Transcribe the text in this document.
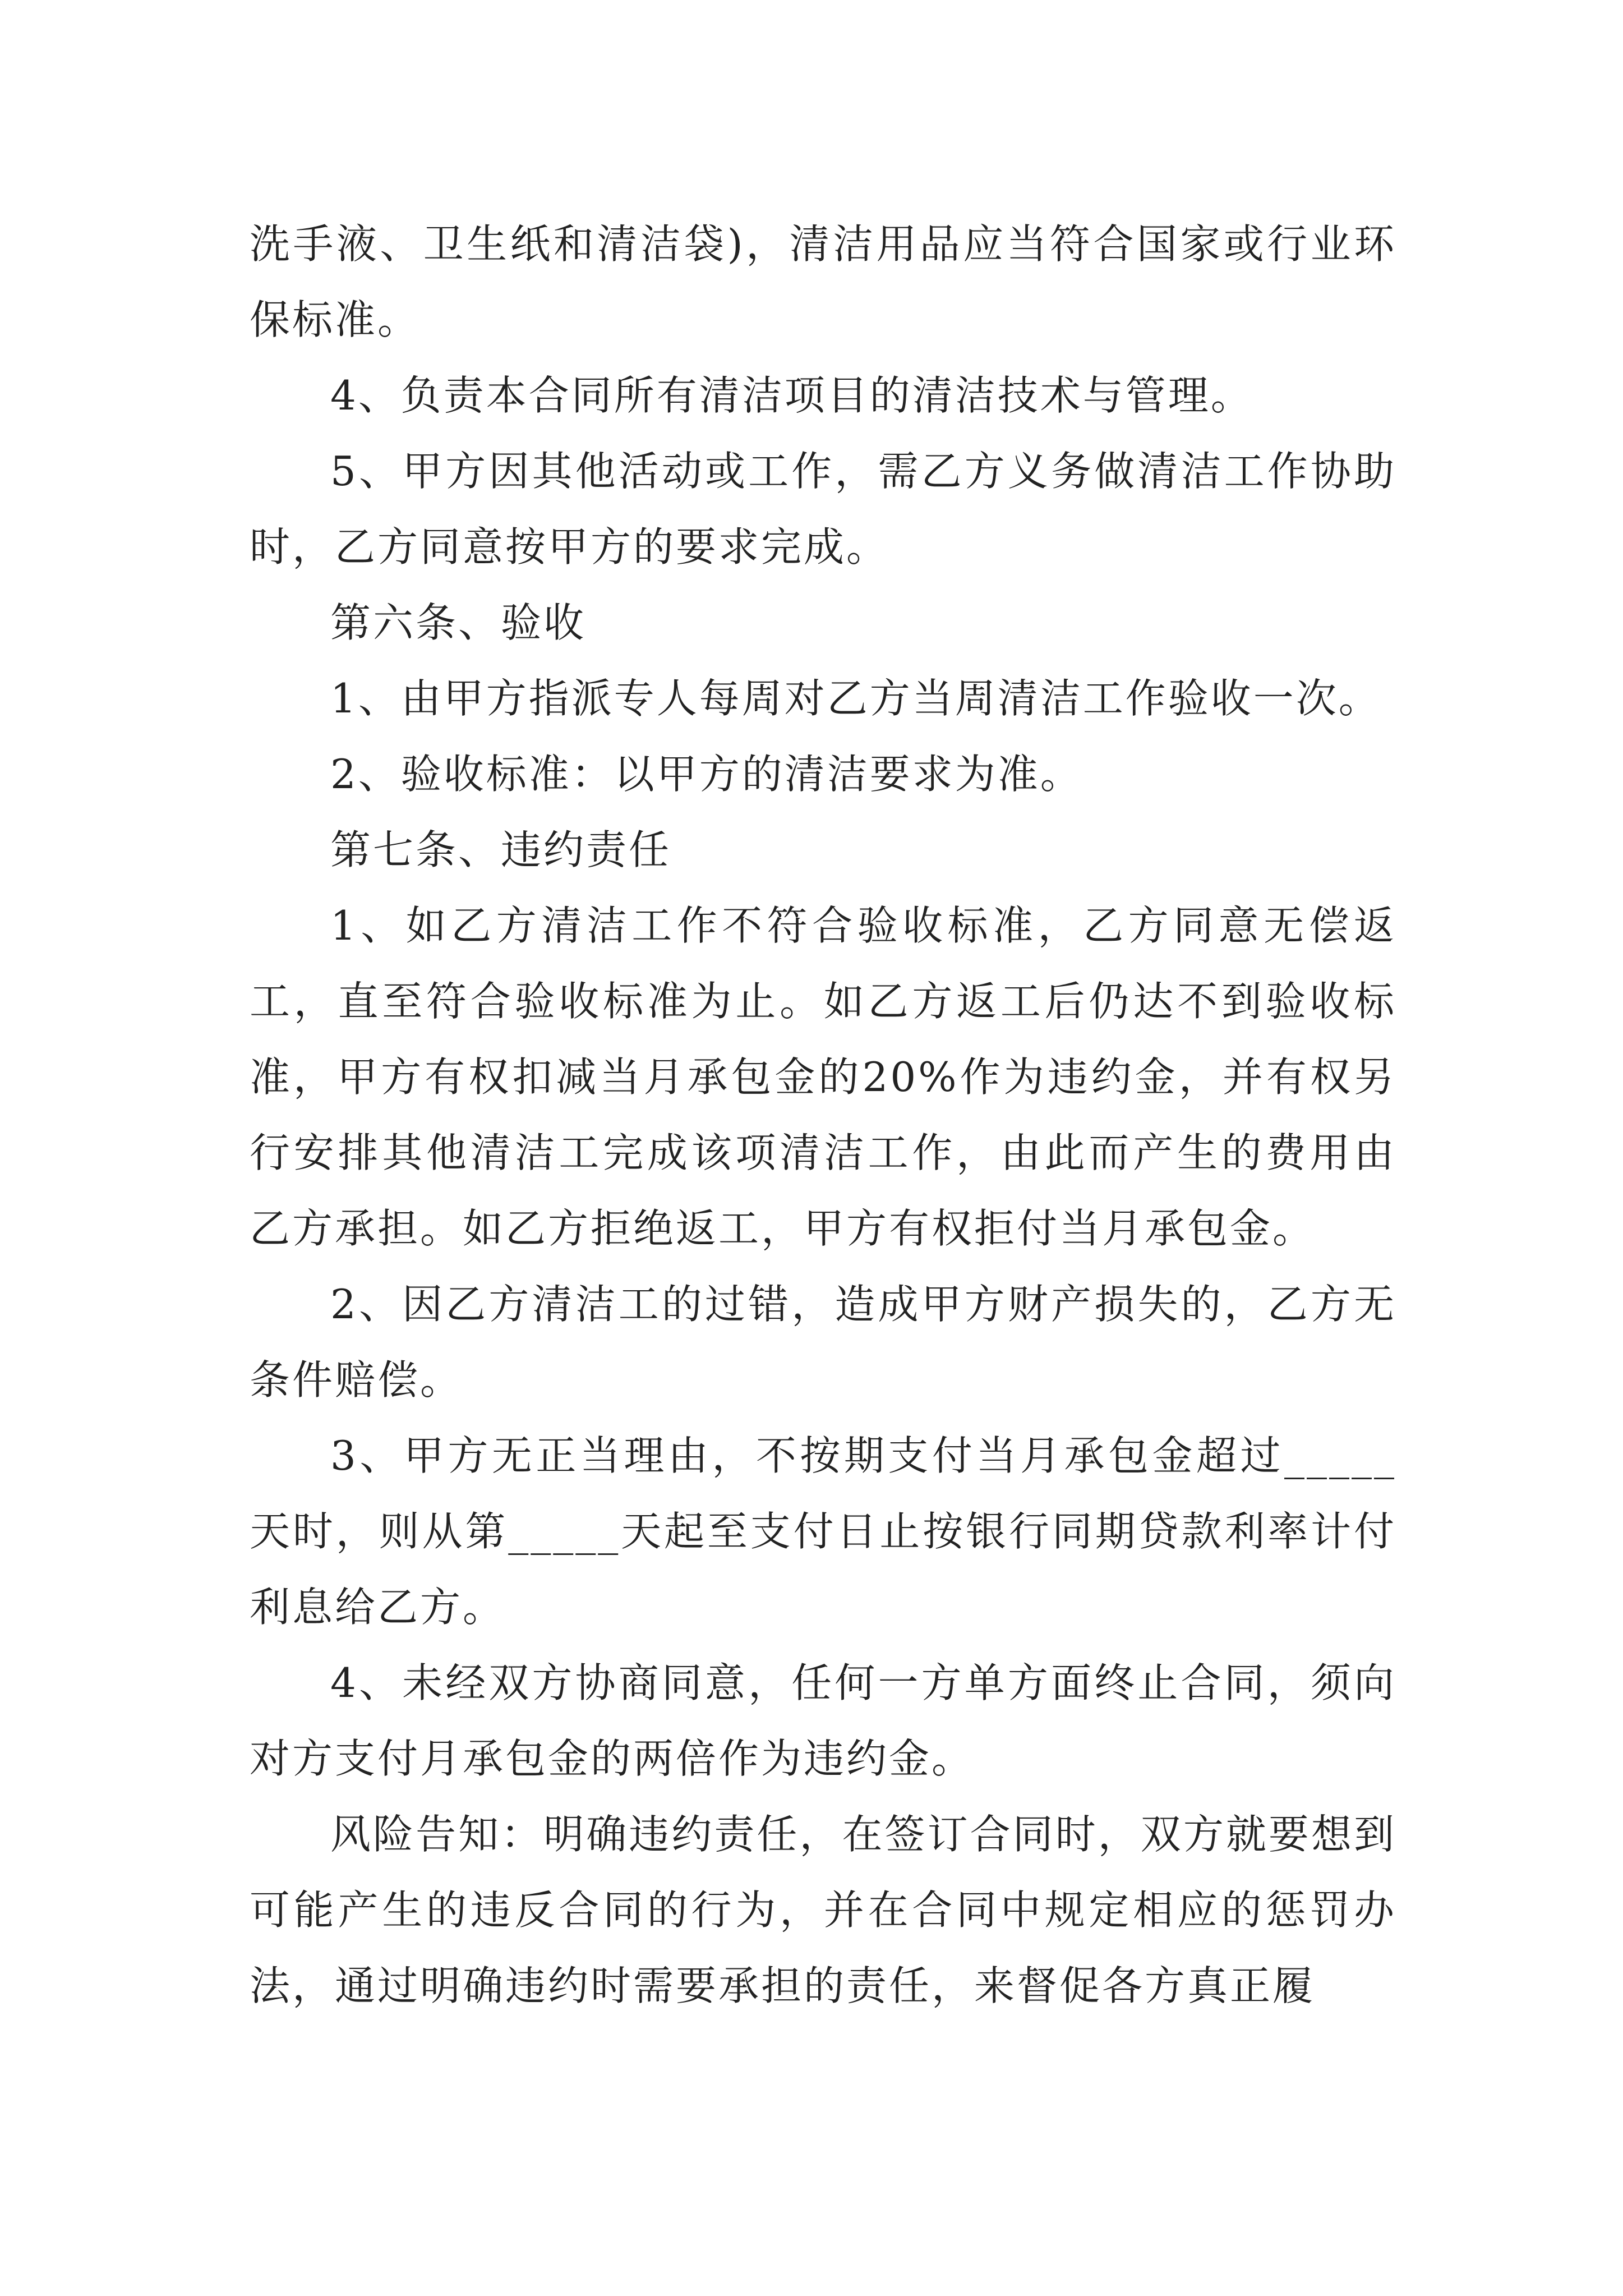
洗手液、卫生纸和清洁袋)，清洁用品应当符合国家或行业环保标准。

4、负责本合同所有清洁项目的清洁技术与管理。

5、甲方因其他活动或工作，需乙方义务做清洁工作协助时，乙方同意按甲方的要求完成。

第六条、验收

1、由甲方指派专人每周对乙方当周清洁工作验收一次。

2、验收标准：以甲方的清洁要求为准。

第七条、违约责任

1、如乙方清洁工作不符合验收标准，乙方同意无偿返工，直至符合验收标准为止。如乙方返工后仍达不到验收标准，甲方有权扣减当月承包金的20%作为违约金，并有权另行安排其他清洁工完成该项清洁工作，由此而产生的费用由乙方承担。如乙方拒绝返工，甲方有权拒付当月承包金。

2、因乙方清洁工的过错，造成甲方财产损失的，乙方无条件赔偿。

3、甲方无正当理由，不按期支付当月承包金超过_____天时，则从第_____天起至支付日止按银行同期贷款利率计付利息给乙方。

4、未经双方协商同意，任何一方单方面终止合同，须向对方支付月承包金的两倍作为违约金。

风险告知：明确违约责任，在签订合同时，双方就要想到可能产生的违反合同的行为，并在合同中规定相应的惩罚办法，通过明确违约时需要承担的责任，来督促各方真正履
